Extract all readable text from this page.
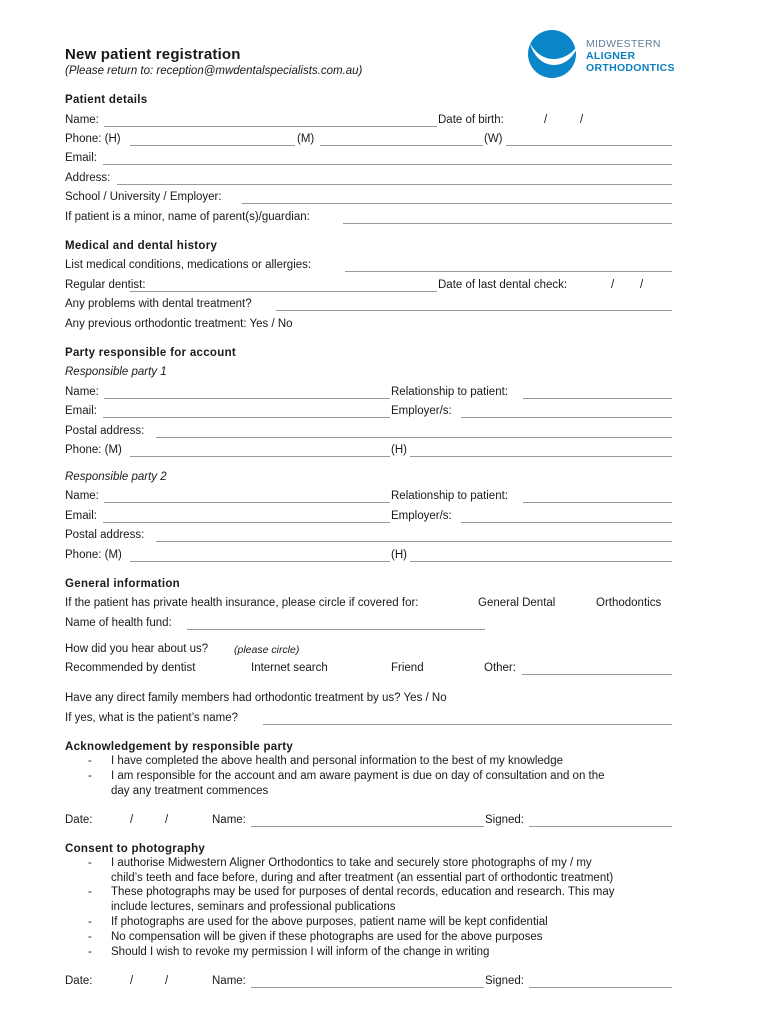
New patient registration
(Please return to: reception@mwdentalspecialists.com.au)
MIDWESTERN
ALIGNER
ORTHODONTICS
Patient details
Name:	Date of birth:	/	/
Phone: (H)	(M)	(W)
Email:
Address:
School / University / Employer:
If patient is a minor, name of parent(s)/guardian:
Medical and dental history
List medical conditions, medications or allergies:
Regular dentist:	Date of last dental check:	/ /
Any problems with dental treatment?
Any previous orthodontic treatment: Yes / No
Party responsible for account
Responsible party 1
Name:	Relationship to patient:
Email:	Employer/s:
Postal address:
Phone: (M)	(H)
Responsible party 2
Name:	Relationship to patient:
Email:	Employer/s:
Postal address:
Phone: (M)	(H)
General information
If the patient has private health insurance, please circle if covered for:	General Dental	Orthodontics
Name of health fund:
How did you hear about us? (please circle)
Recommended by dentist	Internet search	Friend	Other:
Have any direct family members had orthodontic treatment by us? Yes / No
If yes, what is the patient’s name?
Acknowledgement by responsible party
- I have completed the above health and personal information to the best of my knowledge
- I am responsible for the account and am aware payment is due on day of consultation and on the
day any treatment commences
Date:	/	/	Name:	Signed:
Consent to photography
- I authorise Midwestern Aligner Orthodontics to take and securely store photographs of my / my
child’s teeth and face before, during and after treatment (an essential part of orthodontic treatment)
- These photographs may be used for purposes of dental records, education and research. This may
include lectures, seminars and professional publications
- If photographs are used for the above purposes, patient name will be kept confidential
- No compensation will be given if these photographs are used for the above purposes
- Should I wish to revoke my permission I will inform of the change in writing
Date:	/	/	Name:	Signed:
